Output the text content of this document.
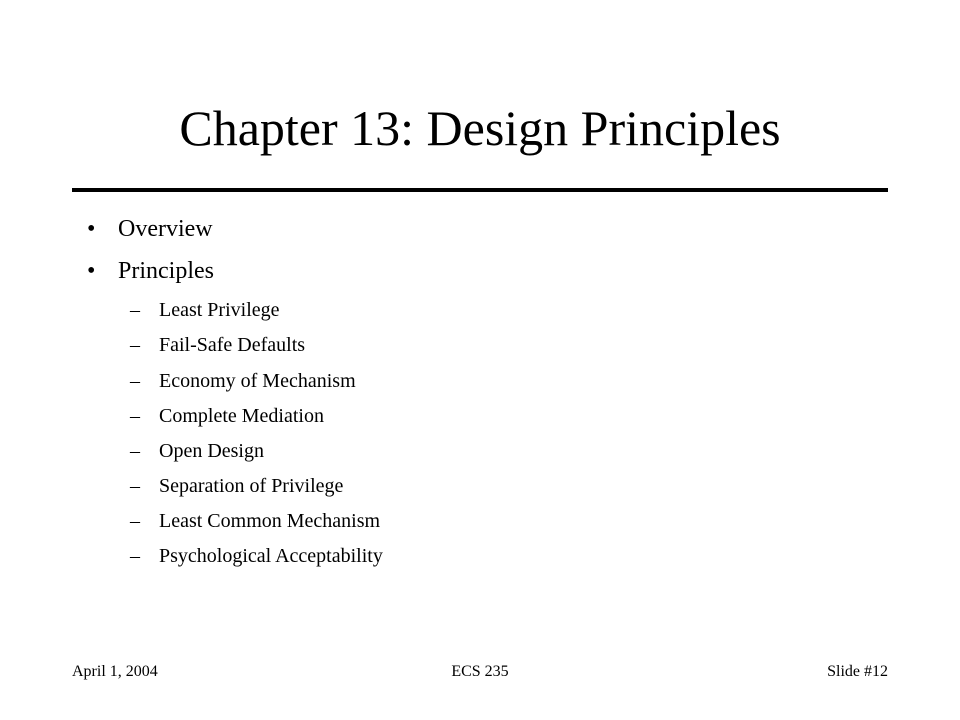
Chapter 13: Design Principles
• Overview
• Principles
– Least Privilege
– Fail-Safe Defaults
– Economy of Mechanism
– Complete Mediation
– Open Design
– Separation of Privilege
– Least Common Mechanism
– Psychological Acceptability
April 1, 2004	ECS 235	Slide #12
